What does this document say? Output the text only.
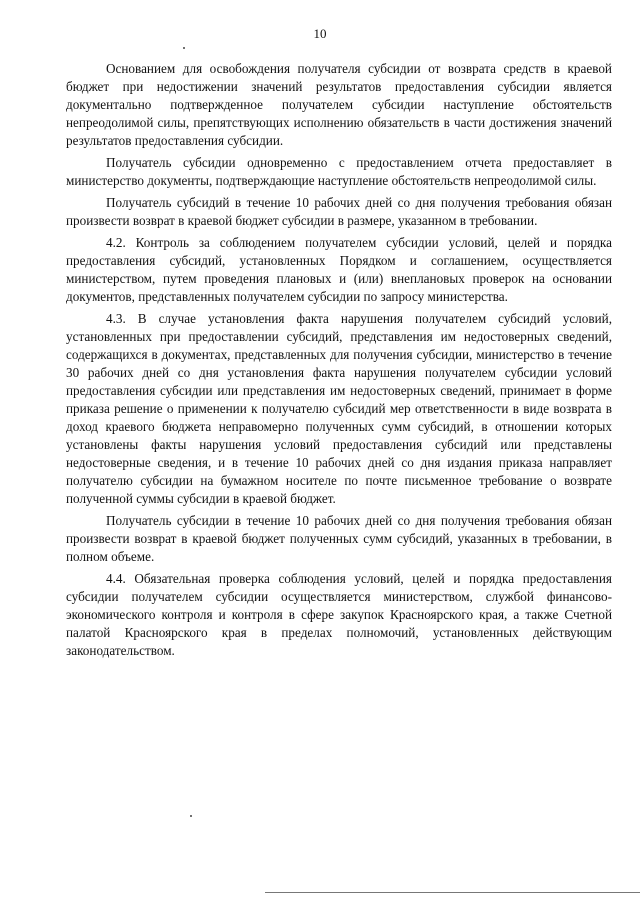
10

Основанием для освобождения получателя субсидии от возврата средств в краевой бюджет при недостижении значений результатов предоставления субсидии является документально подтвержденное получателем субсидии наступление обстоятельств непреодолимой силы, препятствующих исполнению обязательств в части достижения значений результатов предоставления субсидии.

Получатель субсидии одновременно с предоставлением отчета предоставляет в министерство документы, подтверждающие наступление обстоятельств непреодолимой силы.

Получатель субсидий в течение 10 рабочих дней со дня получения требования обязан произвести возврат в краевой бюджет субсидии в размере, указанном в требовании.

4.2. Контроль за соблюдением получателем субсидии условий, целей и порядка предоставления субсидий, установленных Порядком и соглашением, осуществляется министерством, путем проведения плановых и (или) внеплановых проверок на основании документов, представленных получателем субсидии по запросу министерства.

4.3. В случае установления факта нарушения получателем субсидий условий, установленных при предоставлении субсидий, представления им недостоверных сведений, содержащихся в документах, представленных для получения субсидии, министерство в течение 30 рабочих дней со дня установления факта нарушения получателем субсидии условий предоставления субсидии или представления им недостоверных сведений, принимает в форме приказа решение о применении к получателю субсидий мер ответственности в виде возврата в доход краевого бюджета неправомерно полученных сумм субсидий, в отношении которых установлены факты нарушения условий предоставления субсидий или представлены недостоверные сведения, и в течение 10 рабочих дней со дня издания приказа направляет получателю субсидии на бумажном носителе по почте письменное требование о возврате полученной суммы субсидии в краевой бюджет.

Получатель субсидии в течение 10 рабочих дней со дня получения требования обязан произвести возврат в краевой бюджет полученных сумм субсидий, указанных в требовании, в полном объеме.

4.4. Обязательная проверка соблюдения условий, целей и порядка предоставления субсидии получателем субсидии осуществляется министерством, службой финансово-экономического контроля и контроля в сфере закупок Красноярского края, а также Счетной палатой Красноярского края в пределах полномочий, установленных действующим законодательством.
